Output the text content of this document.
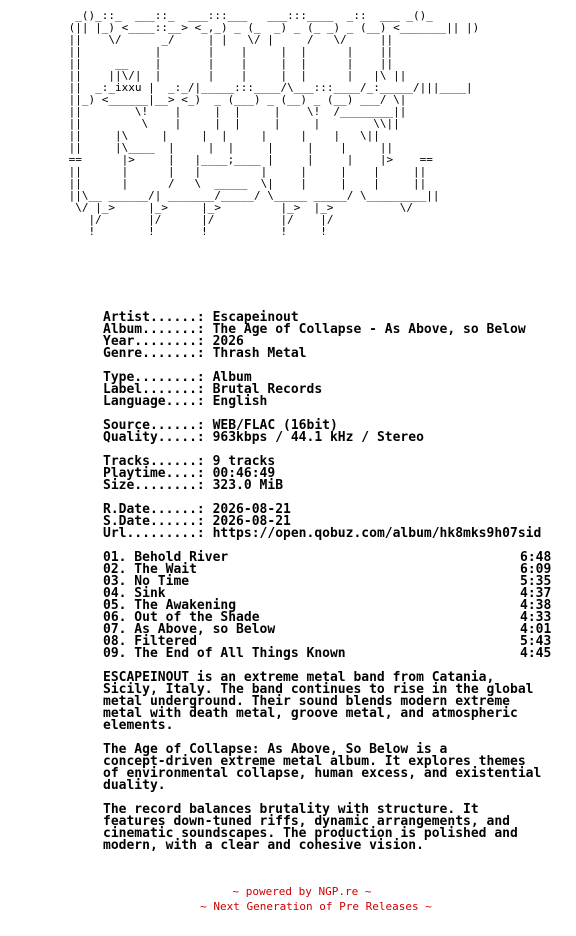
_()_::_  ___::_  ___:::___   ___:::____  _::  ___ _()_
(|| |_) <____::__> <_,_) _ (_  _) _ (_ _) _ (__) <_______|| |)
||    \/      _/     | |   \/ |     /   \/     ||
||           |       |    |     |  |      |    ||
||     __    |       |    |     |  |      |    ||
||    ||\/|  |       |    |     |  |      |   |\ ||
||  _:_ixxu |  _:_/|_____:::____/\___:::____/_:_____/|||____|
||_) <______|__> <_)  _ (___) _ (__) _ (__) ___/ \|
||        \!    |     |  |     |    \!  /________||
||         \    |     |  |     |     |        \\||
||     |\     |     |  |     |     |    |   \||
||     |\____  |     |  |     |     |    |     ||
==      |>     |   |____;____ |     |     |    |>    ==
||      |      |   |         |     |     |    |     ||
||      |      /   \  _____  \|    |     |    |     ||
||\__ ______/| _______/_____/ \_____ _____/ \_________||
\/ |_>     |_>     |_>         |_>  |_>          \/
|/       |/      |/          |/    |/
!        !       !           !     !
Artist......: Escapeinout
Album.......: The Age of Collapse - As Above, so Below
Year........: 2026
Genre.......: Thrash Metal
Type........: Album
Label.......: Brutal Records
Language....: English
Source......: WEB/FLAC (16bit)
Quality.....: 963kbps / 44.1 kHz / Stereo
Tracks......: 9 tracks
Playtime....: 00:46:49
Size........: 323.0 MiB
R.Date......: 2026-08-21
S.Date......: 2026-08-21
Url.........: https://open.qobuz.com/album/hk8mks9h07sid
01. Behold River	6:48
02. The Wait	6:09
03. No Time	5:35
04. Sink	4:37
05. The Awakening	4:38
06. Out of the Shade	4:33
07. As Above, so Below	4:01
08. Filtered	5:43
09. The End of All Things Known	4:45
ESCAPEINOUT is an extreme metal band from Catania,
Sicily, Italy. The band continues to rise in the global
metal underground. Their sound blends modern extreme
metal with death metal, groove metal, and atmospheric
elements.
The Age of Collapse: As Above, So Below is a
concept-driven extreme metal album. It explores themes
of environmental collapse, human excess, and existential
duality.
The record balances brutality with structure. It
features down-tuned riffs, dynamic arrangements, and
cinematic soundscapes. The production is polished and
modern, with a clear and cohesive vision.
~ powered by NGP.re ~
~ Next Generation of Pre Releases ~
